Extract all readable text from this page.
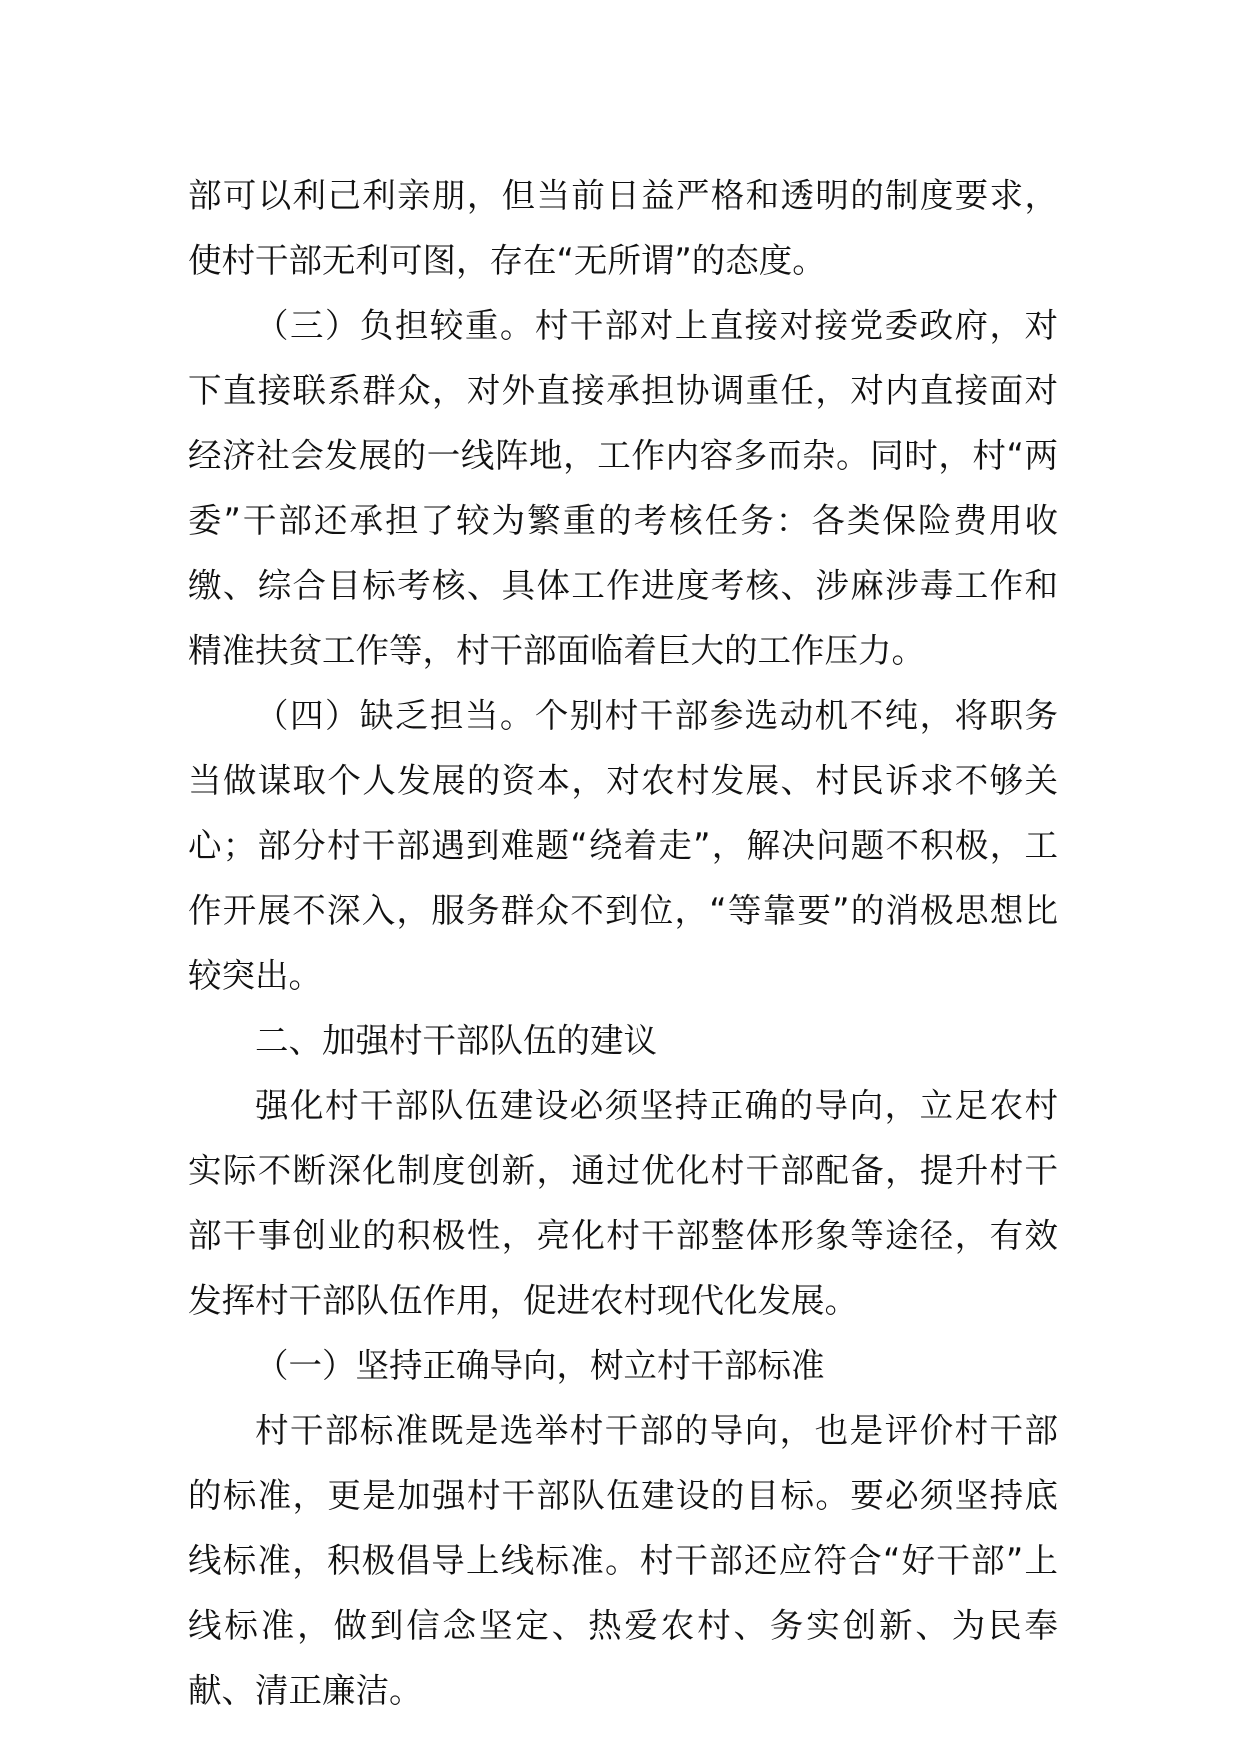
部可以利己利亲朋，但当前日益严格和透明的制度要求，使村干部无利可图，存在“无所谓”的态度。

（三）负担较重。村干部对上直接对接党委政府，对下直接联系群众，对外直接承担协调重任，对内直接面对经济社会发展的一线阵地，工作内容多而杂。同时，村“两委”干部还承担了较为繁重的考核任务：各类保险费用收缴、综合目标考核、具体工作进度考核、涉麻涉毒工作和精准扶贫工作等，村干部面临着巨大的工作压力。

（四）缺乏担当。个别村干部参选动机不纯，将职务当做谋取个人发展的资本，对农村发展、村民诉求不够关心；部分村干部遇到难题“绕着走”，解决问题不积极，工作开展不深入，服务群众不到位，“等靠要”的消极思想比较突出。

二、加强村干部队伍的建议

强化村干部队伍建设必须坚持正确的导向，立足农村实际不断深化制度创新，通过优化村干部配备，提升村干部干事创业的积极性，亮化村干部整体形象等途径，有效发挥村干部队伍作用，促进农村现代化发展。

（一）坚持正确导向，树立村干部标准

村干部标准既是选举村干部的导向，也是评价村干部的标准，更是加强村干部队伍建设的目标。要必须坚持底线标准，积极倡导上线标准。村干部还应符合“好干部”上线标准，做到信念坚定、热爱农村、务实创新、为民奉献、清正廉洁。
